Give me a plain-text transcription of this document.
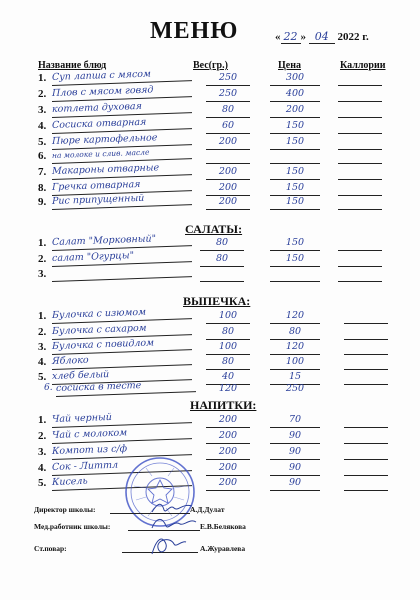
МЕНЮ	« 22 » 04 2022 г.
Название блюд	Вес(гр.)	Цена	Каллории
1. Суп лапша с мясом	250	300
2. Плов с мясом говяд	250	400
3. котлета духовая	80	200
4. Сосиска отварная	60	150
5. Пюре картофельное	200	150
6. на молоке и слив. масле
7. Макароны отварные	200	150
8. Гречка отварная	200	150
9. Рис припущенный	200	150
САЛАТЫ:
1. Салат "Морковный"	80	150
2. салат "Огурцы"	80	150
3.
ВЫПЕЧКА:
1. Булочка с изюмом	100	120
2. Булочка с сахаром	80	80
3. Булочка с повидлом	100	120
4. Яблоко	80	100
5. хлеб белый	40	15
6. сосиска в тесте	120	250
НАПИТКИ:
1. Чай черный	200	70
2. Чай с молоком	200	90
3. Компот из с/ф	200	90
4. Сок - Литтл	200	90
5. Кисель	200	90
Директор школы:	А.Д.Дулат
Мед.работник школы:	Е.В.Белякова
Ст.повар:	А.Журавлева
